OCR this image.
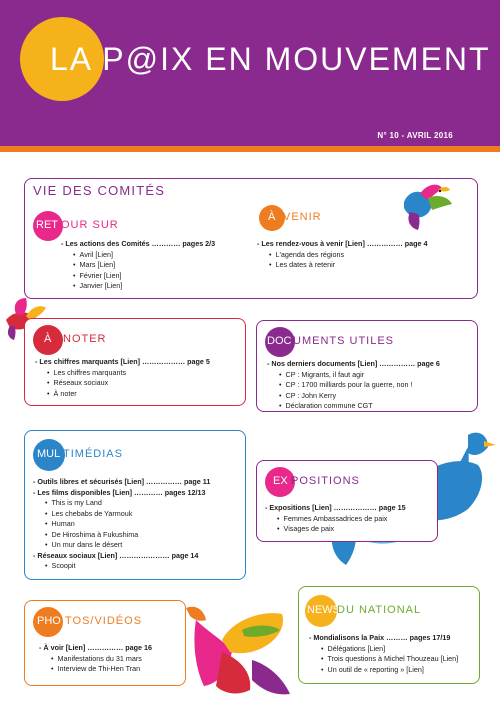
LA P@IX EN MOUVEMENT
N° 10 - AVRIL 2016
VIE DES COMITÉS
RET OUR SUR
- Les actions des Comités ………… pages 2/3
• Avril [Lien]
• Mars [Lien]
• Février [Lien]
• Janvier [Lien]
À VENIR
- Les rendez-vous à venir [Lien] …………… page 4
• L'agenda des régions
• Les dates à retenir
À NOTER
- Les chiffres marquants [Lien] ……………… page 5
• Les chiffres marquants
• Réseaux sociaux
• À noter
DOC UMENTS UTILES
- Nos derniers documents [Lien] …………… page 6
• CP : Migrants, il faut agir
• CP : 1700 milliards pour la guerre, non !
• CP : John Kerry
• Déclaration commune CGT
MUL TIMÉDIAS
- Outils libres et sécurisés [Lien] …………… page 11
- Les films disponibles [Lien] ………… pages 12/13
• This is my Land
• Les chebabs de Yarmouk
• Human
• De Hiroshima à Fukushima
• Un mur dans le désert
- Réseaux sociaux [Lien] ………………… page 14
• Scoopit
EX POSITIONS
- Expositions [Lien] ……………… page 15
• Femmes Ambassadrices de paix
• Visages de paix
PHO TOS/VIDÉOS
- À voir [Lien] …………… page 16
• Manifestations du 31 mars
• Interview de Thi-Hen Tran
NEWS
DU NATIONAL
- Mondialisons la Paix ……… pages 17/19
• Délégations [Lien]
• Trois questions à Michel Thouzeau [Lien]
• Un outil de « reporting » [Lien]
